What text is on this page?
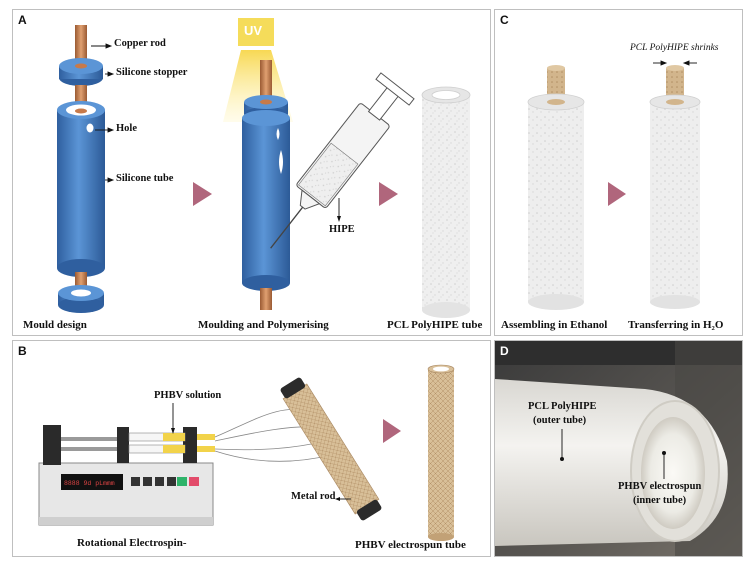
A
Copper rod
Silicone stopper
Hole
Silicone tube
UV
HIPE
Mould design	Moulding and Polymerising	PCL PolyHIPE tube
C
PCL PolyHIPE shrinks
Assembling in Ethanol Transferring in H₂O
B
8888 9d pLmmm
PHBV solution
Metal rod
Rotational Electrospin-	PHBV electrospun tube
D
PCL PolyHIPE
(outer tube)
PHBV electrospun
(inner tube)
